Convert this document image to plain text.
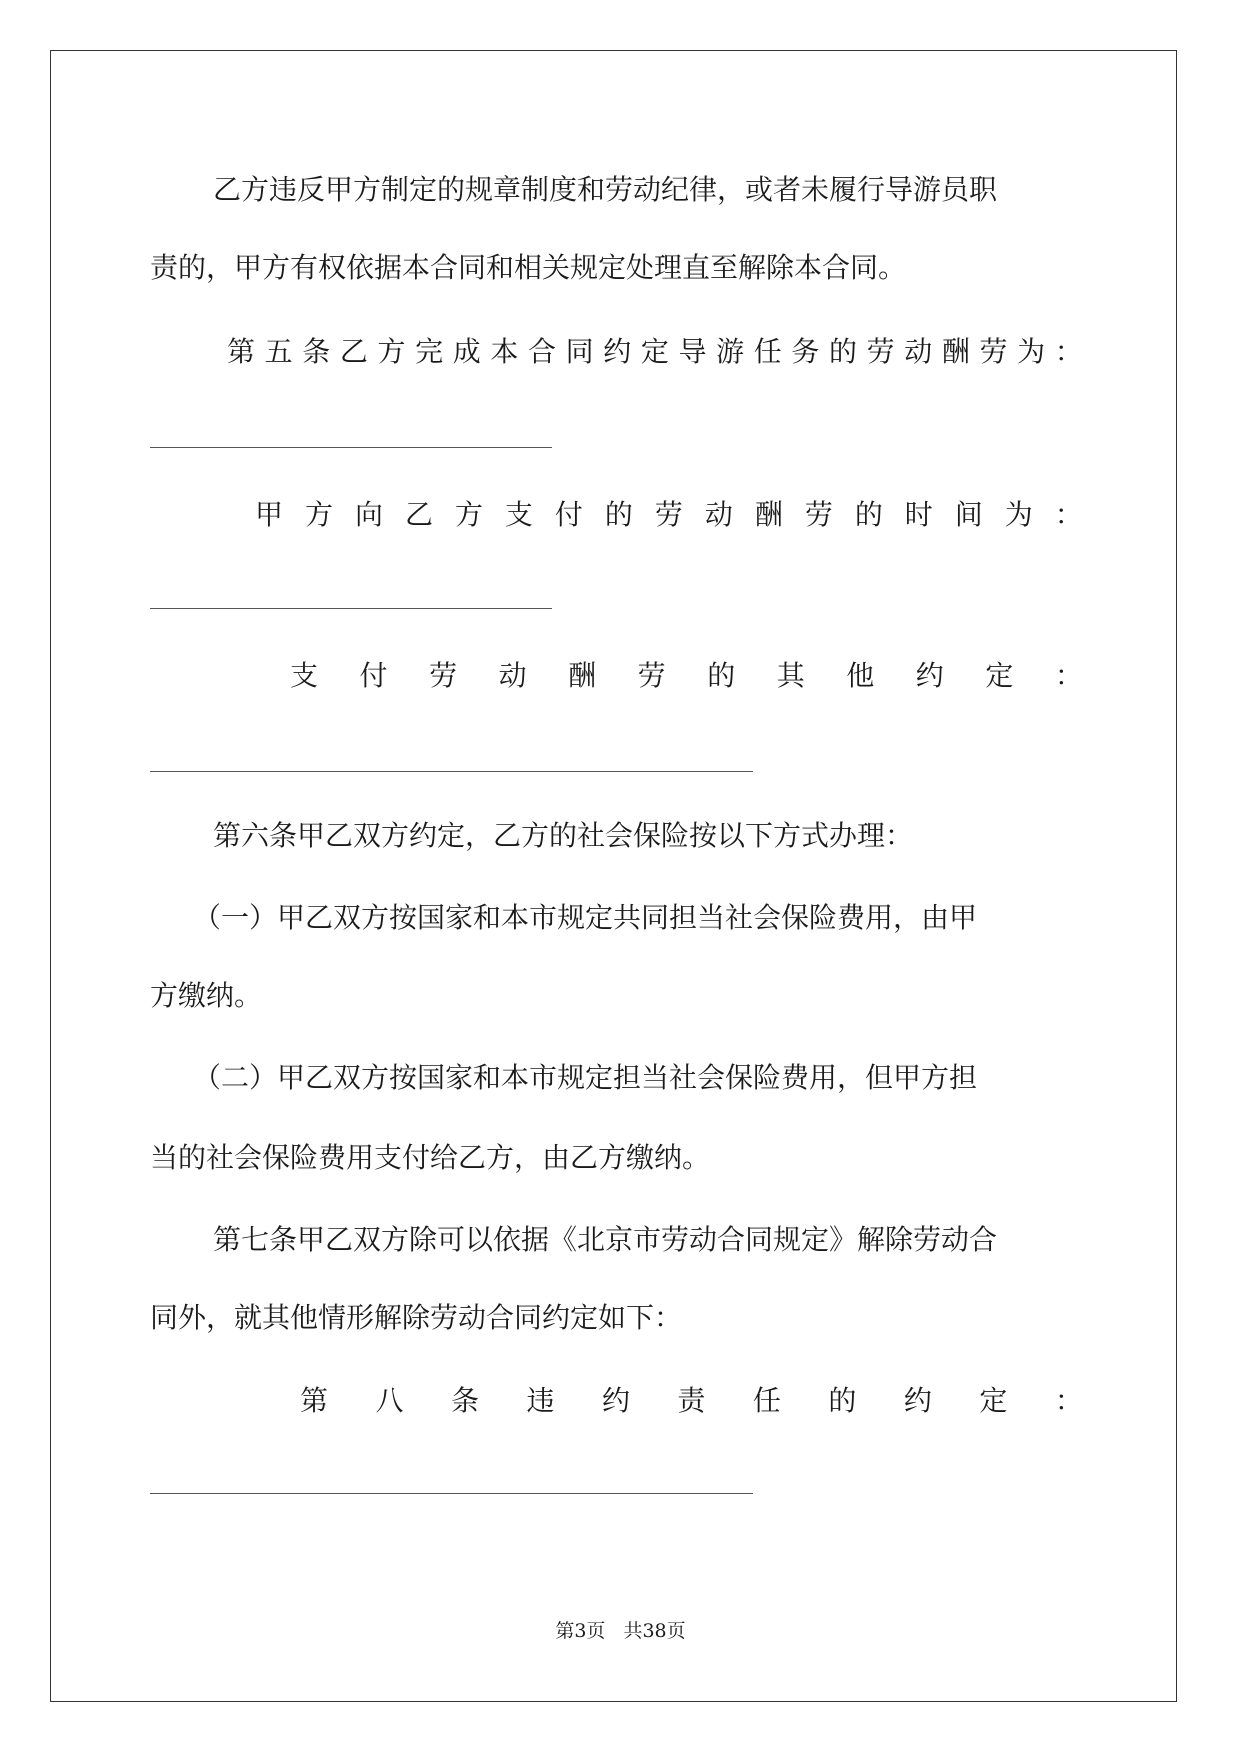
乙方违反甲方制定的规章制度和劳动纪律，或者未履行导游员职
责的，甲方有权依据本合同和相关规定处理直至解除本合同。
第 五 条 乙 方 完 成 本 合 同 约 定 导 游 任 务 的 劳 动 酬 劳 为 ：
甲 方 向 乙 方 支 付 的 劳 动 酬 劳 的 时 间 为 ：
支 付 劳 动 酬 劳 的 其 他 约 定 ：
第六条甲乙双方约定，乙方的社会保险按以下方式办理：
（一）甲乙双方按国家和本市规定共同担当社会保险费用，由甲
方缴纳。
（二）甲乙双方按国家和本市规定担当社会保险费用，但甲方担
当的社会保险费用支付给乙方，由乙方缴纳。
第七条甲乙双方除可以依据《北京市劳动合同规定》解除劳动合
同外，就其他情形解除劳动合同约定如下：
第 八 条 违 约 责 任 的 约 定 ：
第3页 共38页
